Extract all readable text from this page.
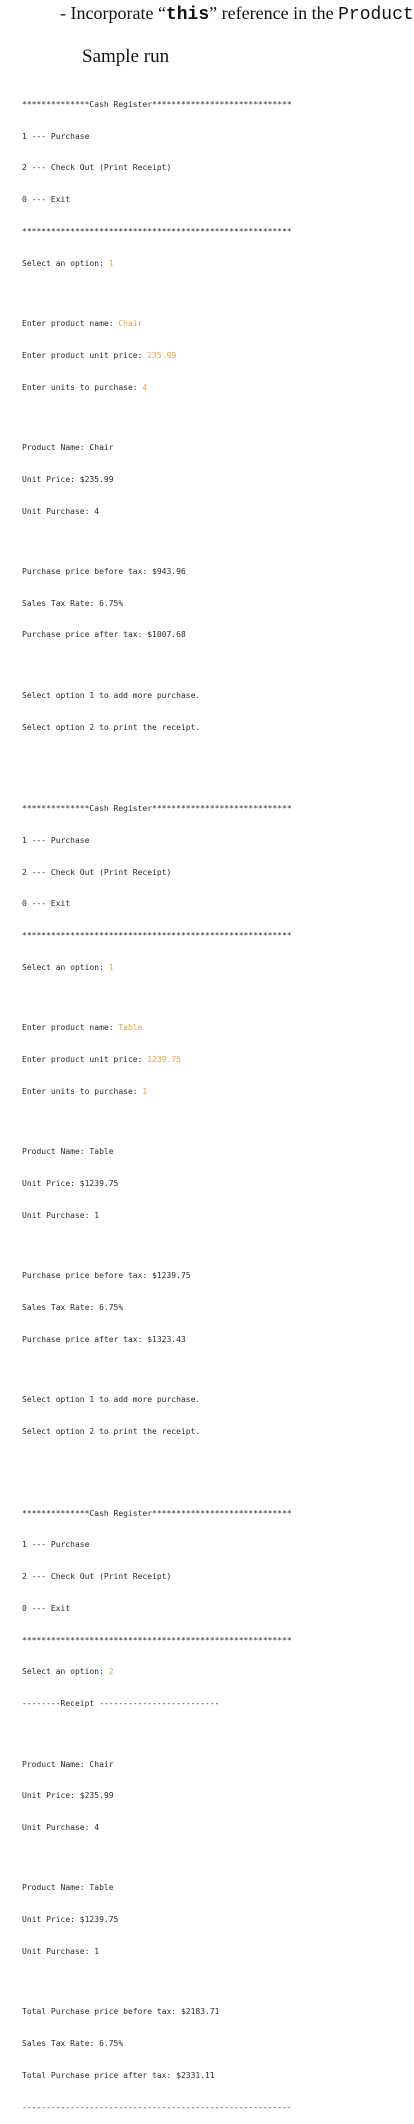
- Incorporate “this” reference in the Product
Sample run

**************Cash Register*****************************

1 --- Purchase

2 --- Check Out (Print Receipt)

0 --- Exit

********************************************************

Select an option: 1

Enter product name: Chair

Enter product unit price: 235.99

Enter units to purchase: 4

Product Name: Chair

Unit Price: $235.99

Unit Purchase: 4

Purchase price before tax: $943.96

Sales Tax Rate: 6.75%

Purchase price after tax: $1007.68

Select option 1 to add more purchase.

Select option 2 to print the receipt.

**************Cash Register*****************************

1 --- Purchase

2 --- Check Out (Print Receipt)

0 --- Exit

********************************************************

Select an option: 1

Enter product name: Table

Enter product unit price: 1239.75

Enter units to purchase: 1

Product Name: Table

Unit Price: $1239.75

Unit Purchase: 1

Purchase price before tax: $1239.75

Sales Tax Rate: 6.75%

Purchase price after tax: $1323.43

Select option 1 to add more purchase.

Select option 2 to print the receipt.

**************Cash Register*****************************

1 --- Purchase

2 --- Check Out (Print Receipt)

0 --- Exit

********************************************************

Select an option: 2

--------Receipt -------------------------

Product Name: Chair

Unit Price: $235.99

Unit Purchase: 4

Product Name: Table

Unit Price: $1239.75

Unit Purchase: 1

Total Purchase price before tax: $2183.71

Sales Tax Rate: 6.75%

Total Purchase price after tax: $2331.11

--------------------------------------------------------
